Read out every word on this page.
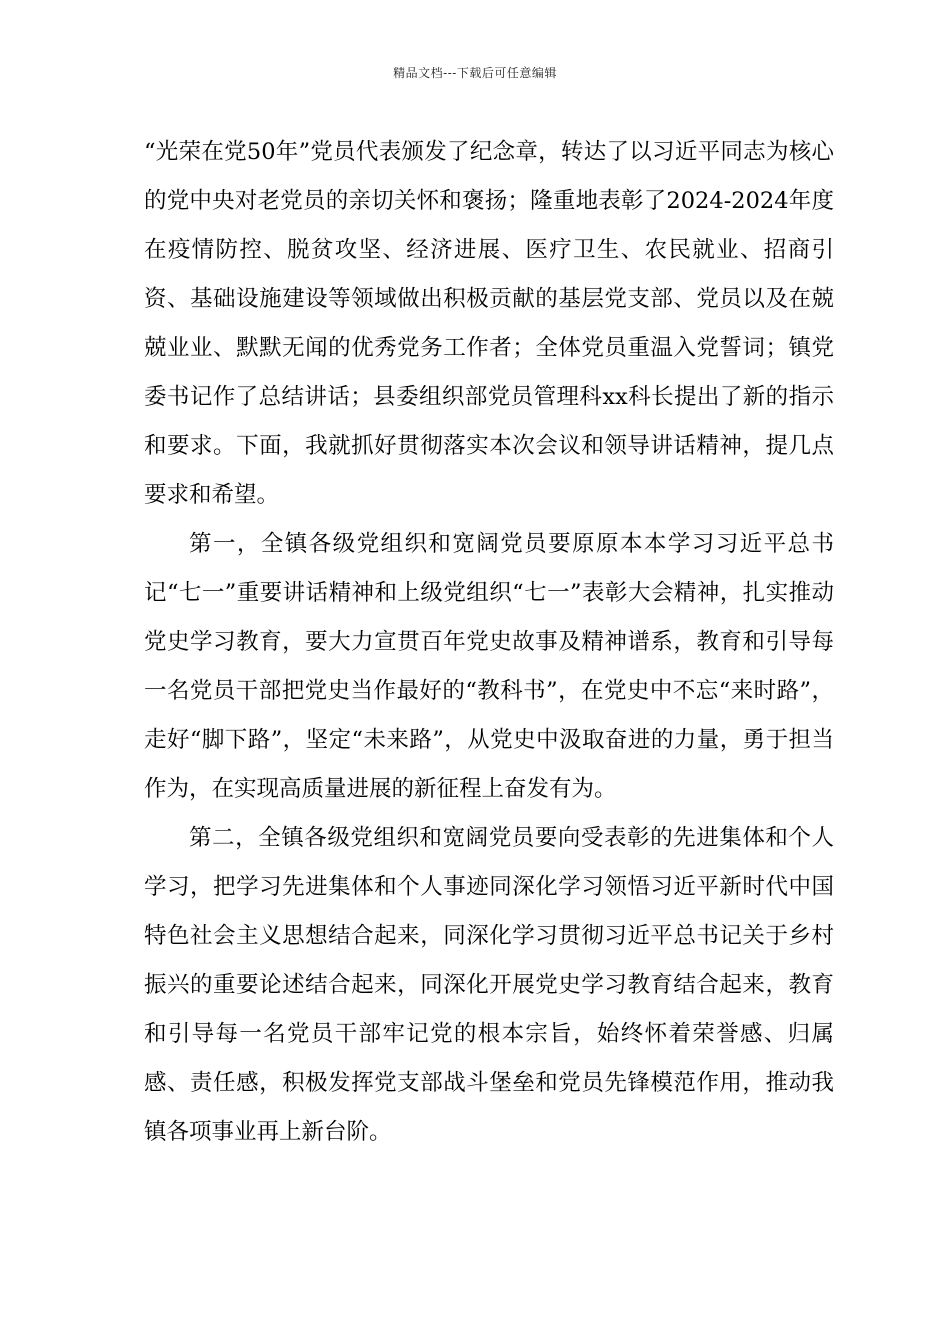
精品文档---下载后可任意编辑

“光荣在党50年”党员代表颁发了纪念章，转达了以习近平同志为核心的党中央对老党员的亲切关怀和褒扬；隆重地表彰了2024-2024年度在疫情防控、脱贫攻坚、经济进展、医疗卫生、农民就业、招商引资、基础设施建设等领域做出积极贡献的基层党支部、党员以及在兢兢业业、默默无闻的优秀党务工作者；全体党员重温入党誓词；镇党委书记作了总结讲话；县委组织部党员管理科xx科长提出了新的指示和要求。下面，我就抓好贯彻落实本次会议和领导讲话精神，提几点要求和希望。

第一，全镇各级党组织和宽阔党员要原原本本学习习近平总书记“七一”重要讲话精神和上级党组织“七一”表彰大会精神，扎实推动党史学习教育，要大力宣贯百年党史故事及精神谱系，教育和引导每一名党员干部把党史当作最好的“教科书”，在党史中不忘“来时路”，走好“脚下路”，坚定“未来路”，从党史中汲取奋进的力量，勇于担当作为，在实现高质量进展的新征程上奋发有为。

第二，全镇各级党组织和宽阔党员要向受表彰的先进集体和个人学习，把学习先进集体和个人事迹同深化学习领悟习近平新时代中国特色社会主义思想结合起来，同深化学习贯彻习近平总书记关于乡村振兴的重要论述结合起来，同深化开展党史学习教育结合起来，教育和引导每一名党员干部牢记党的根本宗旨，始终怀着荣誉感、归属感、责任感，积极发挥党支部战斗堡垒和党员先锋模范作用，推动我镇各项事业再上新台阶。
